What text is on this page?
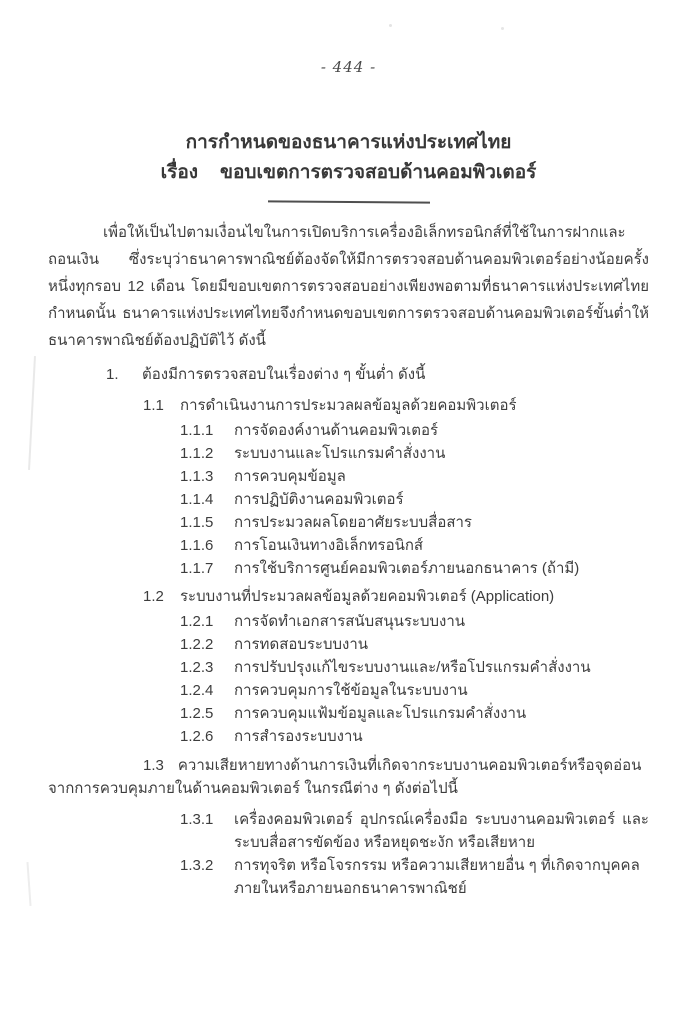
- 444 -
การกำหนดของธนาคารแห่งประเทศไทย
เรื่อง ขอบเขตการตรวจสอบด้านคอมพิวเตอร์

เพื่อให้เป็นไปตามเงื่อนไขในการเปิดบริการเครื่องอิเล็กทรอนิกส์ที่ใช้ในการฝากและถอนเงิน ซึ่งระบุว่าธนาคารพาณิชย์ต้องจัดให้มีการตรวจสอบด้านคอมพิวเตอร์อย่างน้อยครั้งหนึ่งทุกรอบ 12 เดือน โดยมีขอบเขตการตรวจสอบอย่างเพียงพอตามที่ธนาคารแห่งประเทศไทยกำหนดนั้น ธนาคารแห่งประเทศไทยจึงกำหนดขอบเขตการตรวจสอบด้านคอมพิวเตอร์ขั้นต่ำให้ธนาคารพาณิชย์ต้องปฏิบัติไว้ ดังนี้

1.	ต้องมีการตรวจสอบในเรื่องต่าง ๆ ขั้นต่ำ ดังนี้
1.1	การดำเนินงานการประมวลผลข้อมูลด้วยคอมพิวเตอร์
1.1.1	การจัดองค์งานด้านคอมพิวเตอร์
1.1.2	ระบบงานและโปรแกรมคำสั่งงาน
1.1.3	การควบคุมข้อมูล
1.1.4	การปฏิบัติงานคอมพิวเตอร์
1.1.5	การประมวลผลโดยอาศัยระบบสื่อสาร
1.1.6	การโอนเงินทางอิเล็กทรอนิกส์
1.1.7	การใช้บริการศูนย์คอมพิวเตอร์ภายนอกธนาคาร (ถ้ามี)
1.2	ระบบงานที่ประมวลผลข้อมูลด้วยคอมพิวเตอร์ (Application)
1.2.1	การจัดทำเอกสารสนับสนุนระบบงาน
1.2.2	การทดสอบระบบงาน
1.2.3	การปรับปรุงแก้ไขระบบงานและ/หรือโปรแกรมคำสั่งงาน
1.2.4	การควบคุมการใช้ข้อมูลในระบบงาน
1.2.5	การควบคุมแฟ้มข้อมูลและโปรแกรมคำสั่งงาน
1.2.6	การสำรองระบบงาน

1.3 ความเสียหายทางด้านการเงินที่เกิดจากระบบงานคอมพิวเตอร์หรือจุดอ่อนจากการควบคุมภายในด้านคอมพิวเตอร์ ในกรณีต่าง ๆ ดังต่อไปนี้

1.3.1	เครื่องคอมพิวเตอร์ อุปกรณ์เครื่องมือ ระบบงานคอมพิวเตอร์ และระบบสื่อสารขัดข้อง หรือหยุดชะงัก หรือเสียหาย
1.3.2	การทุจริต หรือโจรกรรม หรือความเสียหายอื่น ๆ ที่เกิดจากบุคคลภายในหรือภายนอกธนาคารพาณิชย์
